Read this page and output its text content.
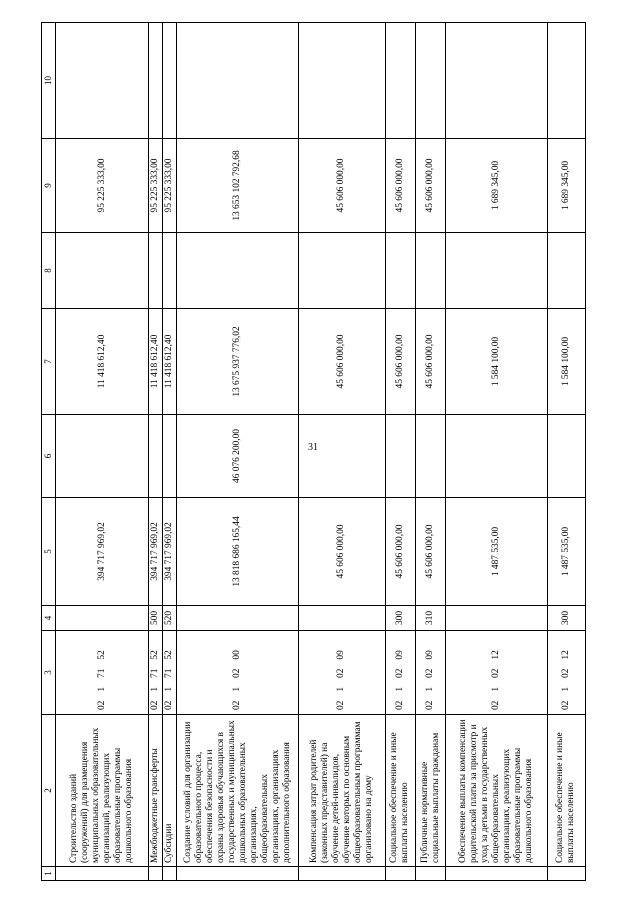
31
1	2	3	4	5	6	7	8	9	10
	Строительство зданий (сооружений) для размещения муниципальных образовательных организаций, реализующих образовательные программы дошкольного образования	0217152		394 717 969,02		11 418 612,40		95 225 333,00	
	Межбюджетные трансферты	0217152	500	394 717 969,02		11 418 612,40		95 225 333,00	
	Субсидии	0217152	520	394 717 969,02		11 418 612,40		95 225 333,00	
	Создание условий для организации образовательного процесса, обеспечения безопасности и охраны здоровья обучающихся в государственных и муниципальных дошкольных образовательных организациях, общеобразовательных организациях, организациях дополнительного образования	0210200		13 818 686 165,44	46 076 200,00	13 675 937 776,02		13 653 102 792,68	
	Компенсация затрат родителей (законных представителей) на обучение детей-инвалидов, обучение которых по основным общеобразовательным программам организовано на дому	0210209		45 606 000,00		45 606 000,00		45 606 000,00	
	Социальное обеспечение и иные выплаты населению	0210209	300	45 606 000,00		45 606 000,00		45 606 000,00	
	Публичные нормативные социальные выплаты гражданам	0210209	310	45 606 000,00		45 606 000,00		45 606 000,00	
	Обеспечение выплаты компенсации родительской платы за присмотр и уход за детьми в государственных общеобразовательных организациях, реализующих образовательные программы дошкольного образования	0210212		1 487 535,00		1 584 100,00		1 689 345,00	
	Социальное обеспечение и иные выплаты населению	0210212	300	1 487 535,00		1 584 100,00		1 689 345,00	
